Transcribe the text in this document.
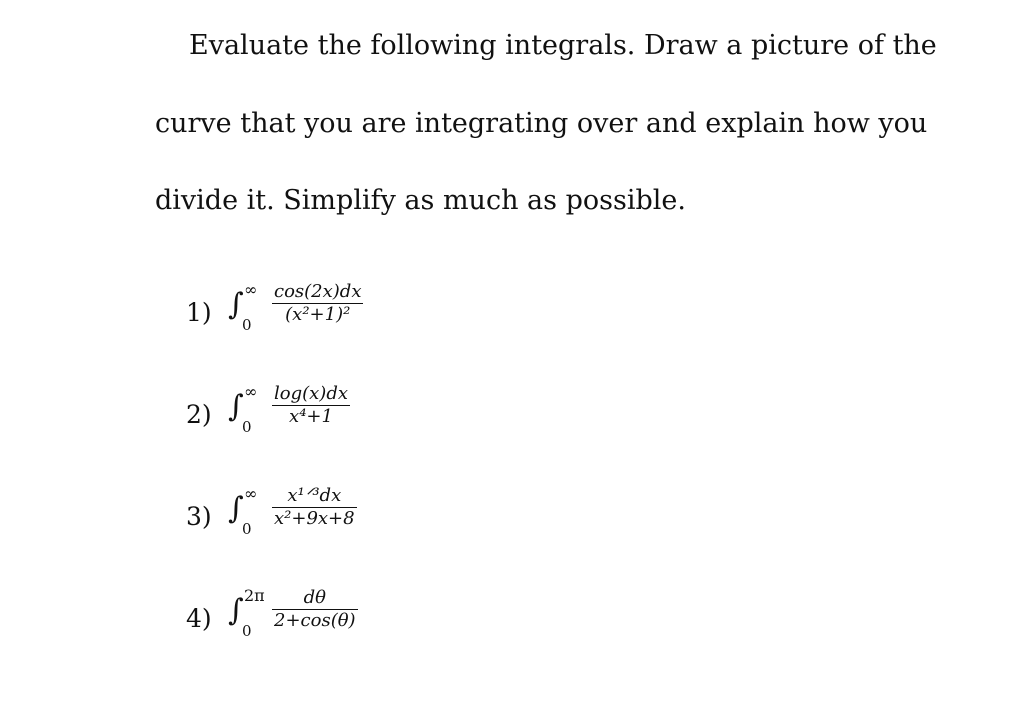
Evaluate the following integrals. Draw a picture of the
curve that you are integrating over and explain how you
divide it. Simplify as much as possible.
1) ∫ ∞
0
cos(2x)dx
(x²+1)²
2) ∫ ∞
0
log(x)dx
x⁴+1
3) ∫ ∞
0
x¹ᐟ³dx
x²+9x+8
4) ∫ 2π
0
dθ
2+cos(θ)
